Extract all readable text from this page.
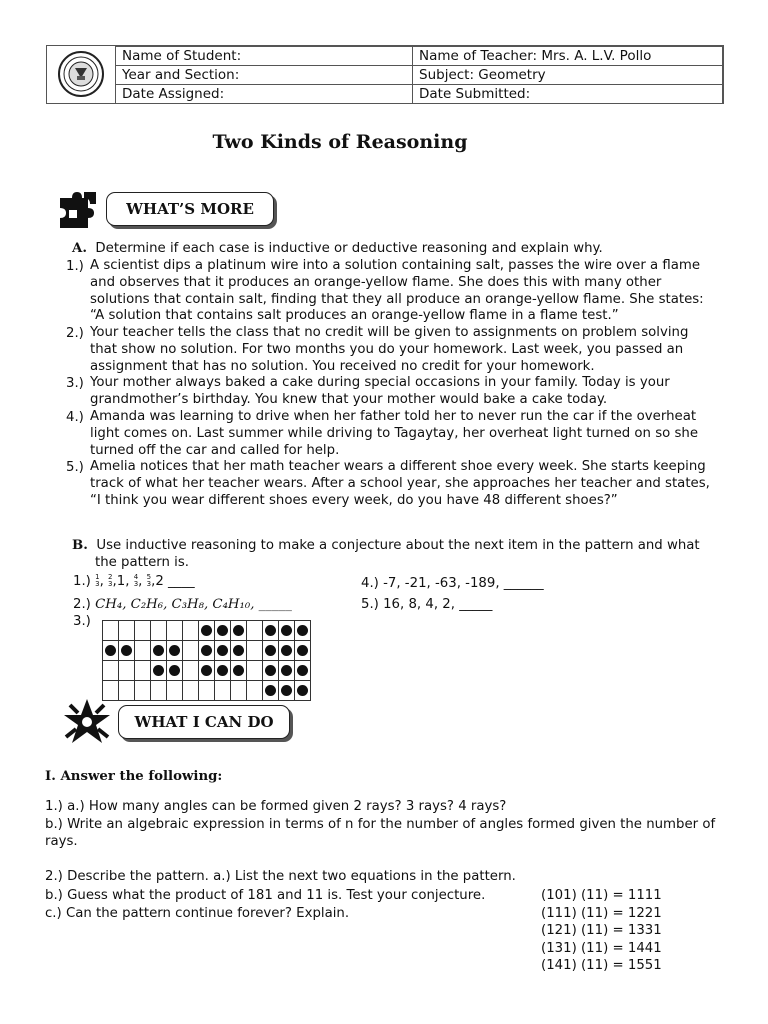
Name of Student:	Name of Teacher: Mrs. A. L.V. Pollo
Year and Section:	Subject: Geometry
Date Assigned:	Date Submitted:
Two Kinds of Reasoning
WHAT’S MORE
A. Determine if each case is inductive or deductive reasoning and explain why.
1.) A scientist dips a platinum wire into a solution containing salt, passes the wire over a flame
and observes that it produces an orange-yellow flame. She does this with many other
solutions that contain salt, finding that they all produce an orange-yellow flame. She states:
“A solution that contains salt produces an orange-yellow flame in a flame test.”
2.) Your teacher tells the class that no credit will be given to assignments on problem solving
that show no solution. For two months you do your homework. Last week, you passed an
assignment that has no solution. You received no credit for your homework.
3.) Your mother always baked a cake during special occasions in your family. Today is your
grandmother’s birthday. You knew that your mother would bake a cake today.
4.) Amanda was learning to drive when her father told her to never run the car if the overheat
light comes on. Last summer while driving to Tagaytay, her overheat light turned on so she
turned off the car and called for help.
5.) Amelia notices that her math teacher wears a different shoe every week. She starts keeping
track of what her teacher wears. After a school year, she approaches her teacher and states,
“I think you wear different shoes every week, do you have 48 different shoes?”
B. Use inductive reasoning to make a conjecture about the next item in the pattern and what
the pattern is.
1.) 1
3 , 2
3 ,1, 4
3 , 5
3 ,2 ____
2.) CH₄, C₂H₆, C₃H₈, C₄H₁₀, _____
4.) -7, -21, -63, -189, ______
5.) 16, 8, 4, 2, _____
3.)

WHAT I CAN DO
I. Answer the following:
1.) a.) How many angles can be formed given 2 rays? 3 rays? 4 rays?
b.) Write an algebraic expression in terms of n for the number of angles formed given the number of
rays.
2.) Describe the pattern. a.) List the next two equations in the pattern.
b.) Guess what the product of 181 and 11 is. Test your conjecture.
c.) Can the pattern continue forever? Explain.
(101) (11) = 1111
(111) (11) = 1221
(121) (11) = 1331
(131) (11) = 1441
(141) (11) = 1551
